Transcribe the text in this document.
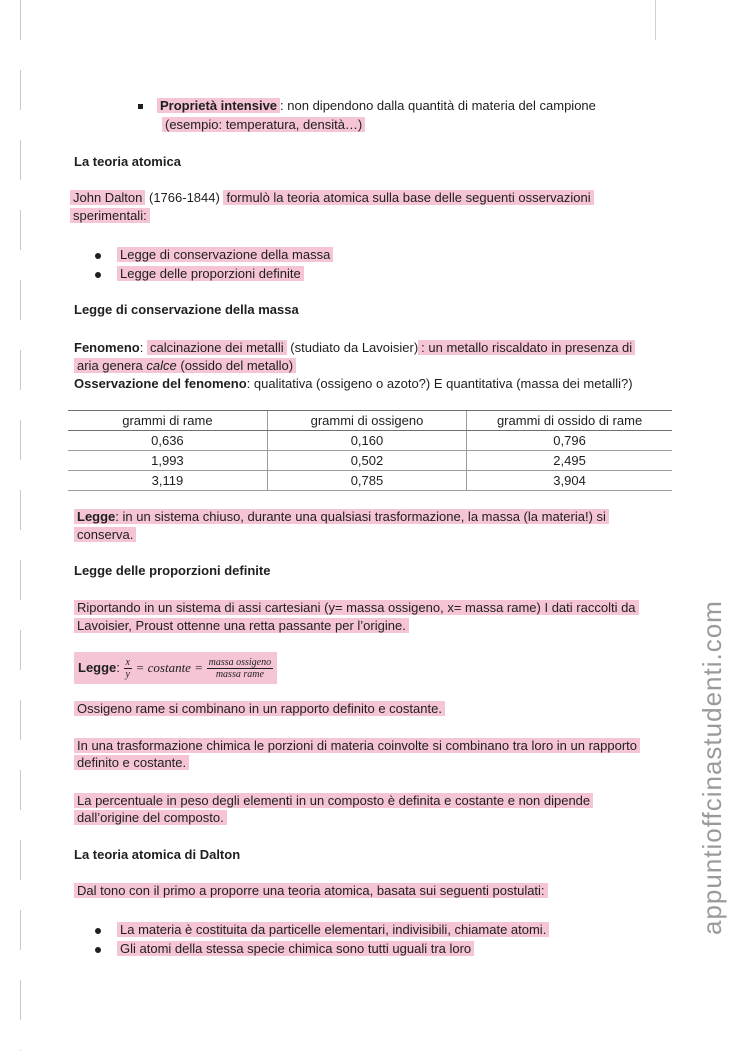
Proprietà intensive : non dipendono dalla quantità di materia del campione
(esempio: temperatura, densità…)
La teoria atomica
John Dalton (1766-1844) formulò la teoria atomica sulla base delle seguenti osservazioni
sperimentali:
Legge di conservazione della massa
Legge delle proporzioni definite
Legge di conservazione della massa
Fenomeno: calcinazione dei metalli (studiato da Lavoisier) : un metallo riscaldato in presenza di
aria genera calce (ossido del metallo)
Osservazione del fenomeno: qualitativa (ossigeno o azoto?) E quantitativa (massa dei metalli?)
grammi di rame	grammi di ossigeno	grammi di ossido di rame
0,636	0,160	0,796
1,993	0,502	2,495
3,119	0,785	3,904
Legge: in un sistema chiuso, durante una qualsiasi trasformazione, la massa (la materia!) si
conserva.
Legge delle proporzioni definite
Riportando in un sistema di assi cartesiani (y= massa ossigeno, x= massa rame) I dati raccolti da
Lavoisier, Proust ottenne una retta passante per l’origine.
Legge: $\frac{x}{y}$ = costante = $\frac{\text{massa ossigeno}}{\text{massa rame}}$
Ossigeno rame si combinano in un rapporto definito e costante.
In una trasformazione chimica le porzioni di materia coinvolte si combinano tra loro in un rapporto
definito e costante.
La percentuale in peso degli elementi in un composto è definita e costante e non dipende
dall’origine del composto.
La teoria atomica di Dalton
Dal tono con il primo a proporre una teoria atomica, basata sui seguenti postulati:
La materia è costituita da particelle elementari, indivisibili, chiamate atomi.
Gli atomi della stessa specie chimica sono tutti uguali tra loro
appuntioffcinastudenti.com
